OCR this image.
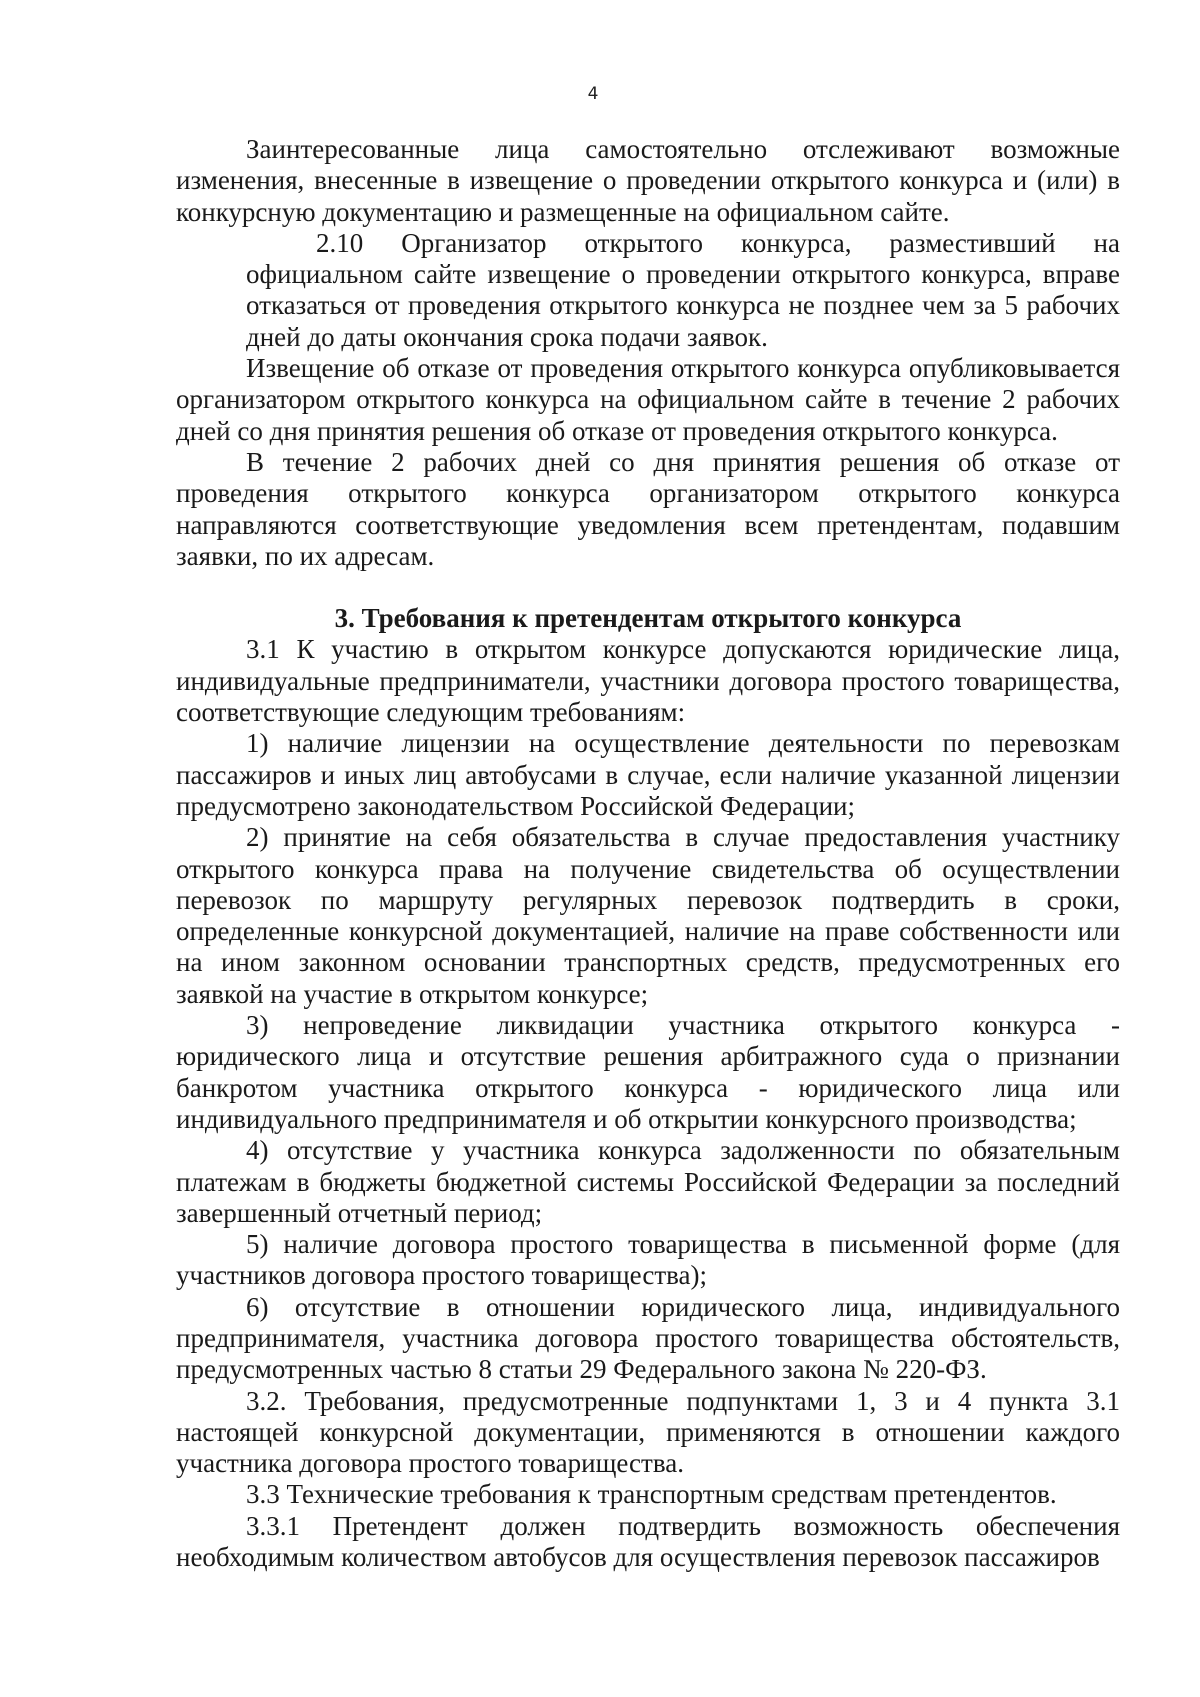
4

Заинтересованные лица самостоятельно отслеживают возможные изменения, внесенные в извещение о проведении открытого конкурса и (или) в конкурсную документацию и размещенные на официальном сайте.

2.10 Организатор открытого конкурса, разместивший на официальном сайте извещение о проведении открытого конкурса, вправе отказаться от проведения открытого конкурса не позднее чем за 5 рабочих дней до даты окончания срока подачи заявок.

Извещение об отказе от проведения открытого конкурса опубликовывается организатором открытого конкурса на официальном сайте в течение 2 рабочих дней со дня принятия решения об отказе от проведения открытого конкурса.

В течение 2 рабочих дней со дня принятия решения об отказе от проведения открытого конкурса организатором открытого конкурса направляются соответствующие уведомления всем претендентам, подавшим заявки, по их адресам.

3. Требования к претендентам открытого конкурса

3.1 К участию в открытом конкурсе допускаются юридические лица, индивидуальные предприниматели, участники договора простого товарищества, соответствующие следующим требованиям:

1) наличие лицензии на осуществление деятельности по перевозкам пассажиров и иных лиц автобусами в случае, если наличие указанной лицензии предусмотрено законодательством Российской Федерации;

2) принятие на себя обязательства в случае предоставления участнику открытого конкурса права на получение свидетельства об осуществлении перевозок по маршруту регулярных перевозок подтвердить в сроки, определенные конкурсной документацией, наличие на праве собственности или на ином законном основании транспортных средств, предусмотренных его заявкой на участие в открытом конкурсе;

3) непроведение ликвидации участника открытого конкурса - юридического лица и отсутствие решения арбитражного суда о признании банкротом участника открытого конкурса - юридического лица или индивидуального предпринимателя и об открытии конкурсного производства;

4) отсутствие у участника конкурса задолженности по обязательным платежам в бюджеты бюджетной системы Российской Федерации за последний завершенный отчетный период;

5) наличие договора простого товарищества в письменной форме (для участников договора простого товарищества);

6) отсутствие в отношении юридического лица, индивидуального предпринимателя, участника договора простого товарищества обстоятельств, предусмотренных частью 8 статьи 29 Федерального закона № 220-ФЗ.

3.2. Требования, предусмотренные подпунктами 1, 3 и 4 пункта 3.1 настоящей конкурсной документации, применяются в отношении каждого участника договора простого товарищества.

3.3 Технические требования к транспортным средствам претендентов.

3.3.1 Претендент должен подтвердить возможность обеспечения необходимым количеством автобусов для осуществления перевозок пассажиров
